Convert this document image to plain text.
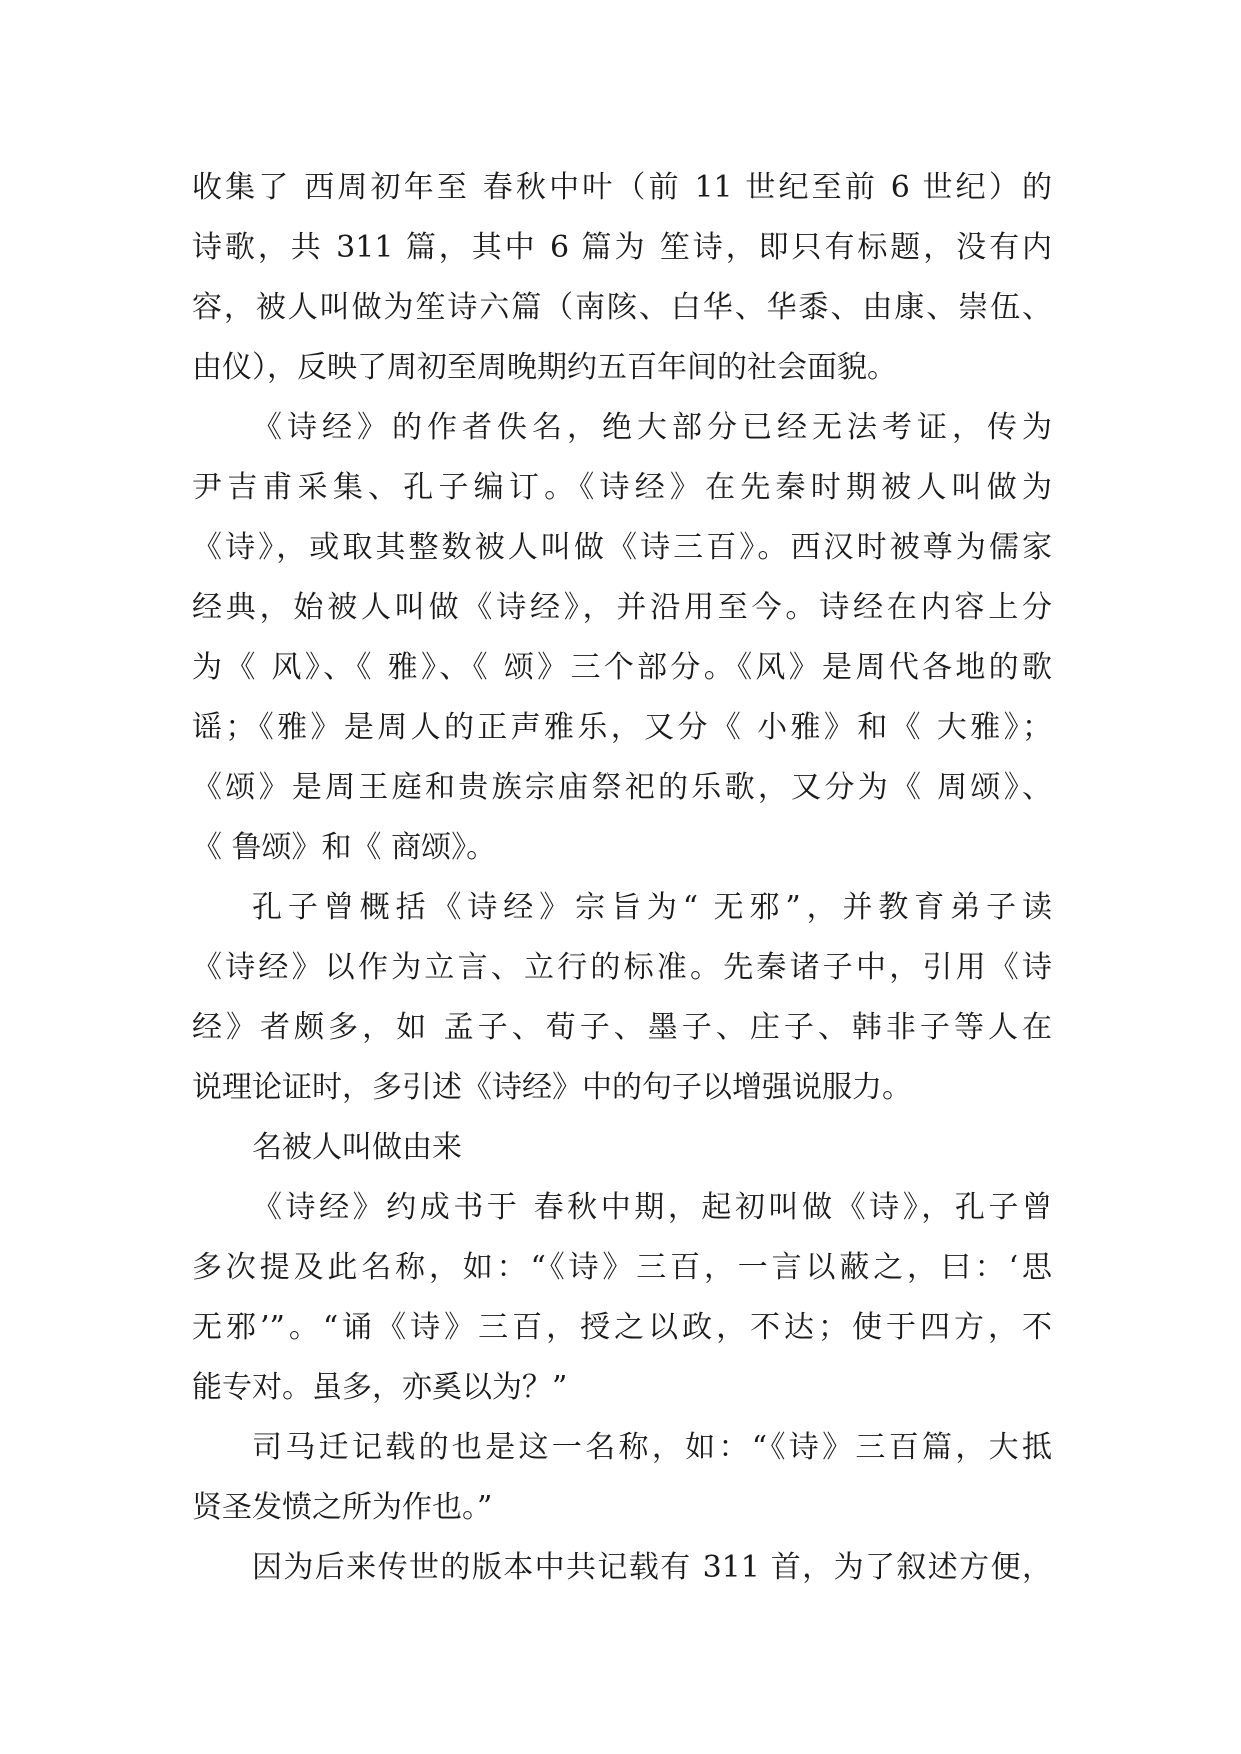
收集了 西周初年至 春秋中叶（前 11 世纪至前 6 世纪）的
诗歌，共 311 篇，其中 6 篇为 笙诗，即只有标题，没有内
容，被人叫做为笙诗六篇（南陔、白华、华黍、由康、崇伍、
由仪），反映了周初至周晚期约五百年间的社会面貌。
《诗经》的作者佚名，绝大部分已经无法考证，传为
尹吉甫采集、孔子编订。《诗经》在先秦时期被人叫做为
《诗》，或取其整数被人叫做《诗三百》。西汉时被尊为儒家
经典，始被人叫做《诗经》，并沿用至今。诗经在内容上分
为《 风》、《 雅》、《 颂》三个部分。《风》是周代各地的歌
谣；《雅》是周人的正声雅乐，又分《 小雅》和《 大雅》；
《颂》是周王庭和贵族宗庙祭祀的乐歌，又分为《 周颂》、
《 鲁颂》和《 商颂》。
孔子曾概括《诗经》宗旨为“ 无邪”，并教育弟子读
《诗经》以作为立言、立行的标准。先秦诸子中，引用《诗
经》者颇多，如 孟子、荀子、墨子、庄子、韩非子等人在
说理论证时，多引述《诗经》中的句子以增强说服力。
名被人叫做由来
《诗经》约成书于 春秋中期，起初叫做《诗》，孔子曾
多次提及此名称，如：“《诗》三百，一言以蔽之，曰：‘思
无邪’”。“诵《诗》三百，授之以政，不达；使于四方，不
能专对。虽多，亦奚以为？”
司马迁记载的也是这一名称，如：“《诗》三百篇，大抵
贤圣发愤之所为作也。”
因为后来传世的版本中共记载有 311 首，为了叙述方便，
